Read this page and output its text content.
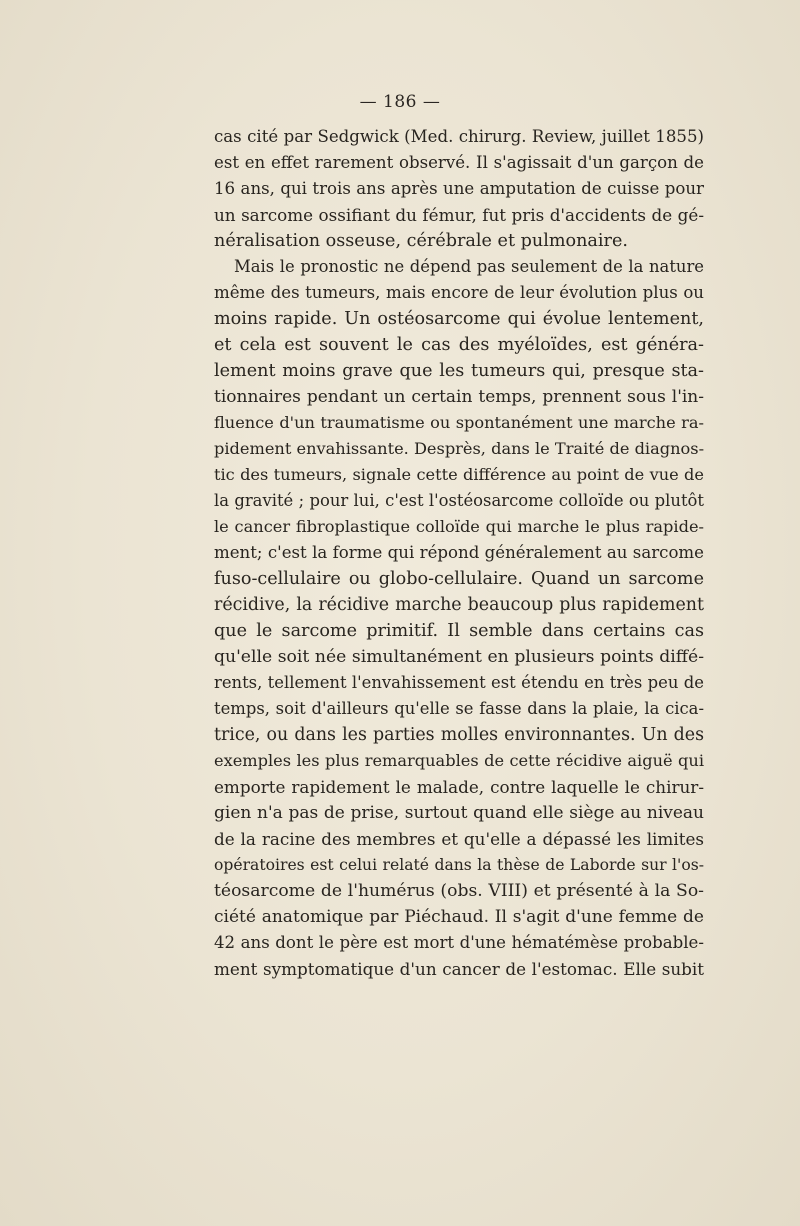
— 186 —
cas cité par Sedgwick (Med. chirurg. Review, juillet 1855)
est en effet rarement observé. Il s'agissait d'un garçon de
16 ans, qui trois ans après une amputation de cuisse pour
un sarcome ossifiant du fémur, fut pris d'accidents de gé-
néralisation osseuse, cérébrale et pulmonaire.
Mais le pronostic ne dépend pas seulement de la nature
même des tumeurs, mais encore de leur évolution plus ou
moins rapide. Un ostéosarcome qui évolue lentement,
et cela est souvent le cas des myéloïdes, est généra-
lement moins grave que les tumeurs qui, presque sta-
tionnaires pendant un certain temps, prennent sous l'in-
fluence d'un traumatisme ou spontanément une marche ra-
pidement envahissante. Desprès, dans le Traité de diagnos-
tic des tumeurs, signale cette différence au point de vue de
la gravité ; pour lui, c'est l'ostéosarcome colloïde ou plutôt
le cancer fibroplastique colloïde qui marche le plus rapide-
ment; c'est la forme qui répond généralement au sarcome
fuso-cellulaire ou globo-cellulaire. Quand un sarcome
récidive, la récidive marche beaucoup plus rapidement
que le sarcome primitif. Il semble dans certains cas
qu'elle soit née simultanément en plusieurs points diffé-
rents, tellement l'envahissement est étendu en très peu de
temps, soit d'ailleurs qu'elle se fasse dans la plaie, la cica-
trice, ou dans les parties molles environnantes. Un des
exemples les plus remarquables de cette récidive aiguë qui
emporte rapidement le malade, contre laquelle le chirur-
gien n'a pas de prise, surtout quand elle siège au niveau
de la racine des membres et qu'elle a dépassé les limites
opératoires est celui relaté dans la thèse de Laborde sur l'os-
téosarcome de l'humérus (obs. VIII) et présenté à la So-
ciété anatomique par Piéchaud. Il s'agit d'une femme de
42 ans dont le père est mort d'une hématémèse probable-
ment symptomatique d'un cancer de l'estomac. Elle subit
